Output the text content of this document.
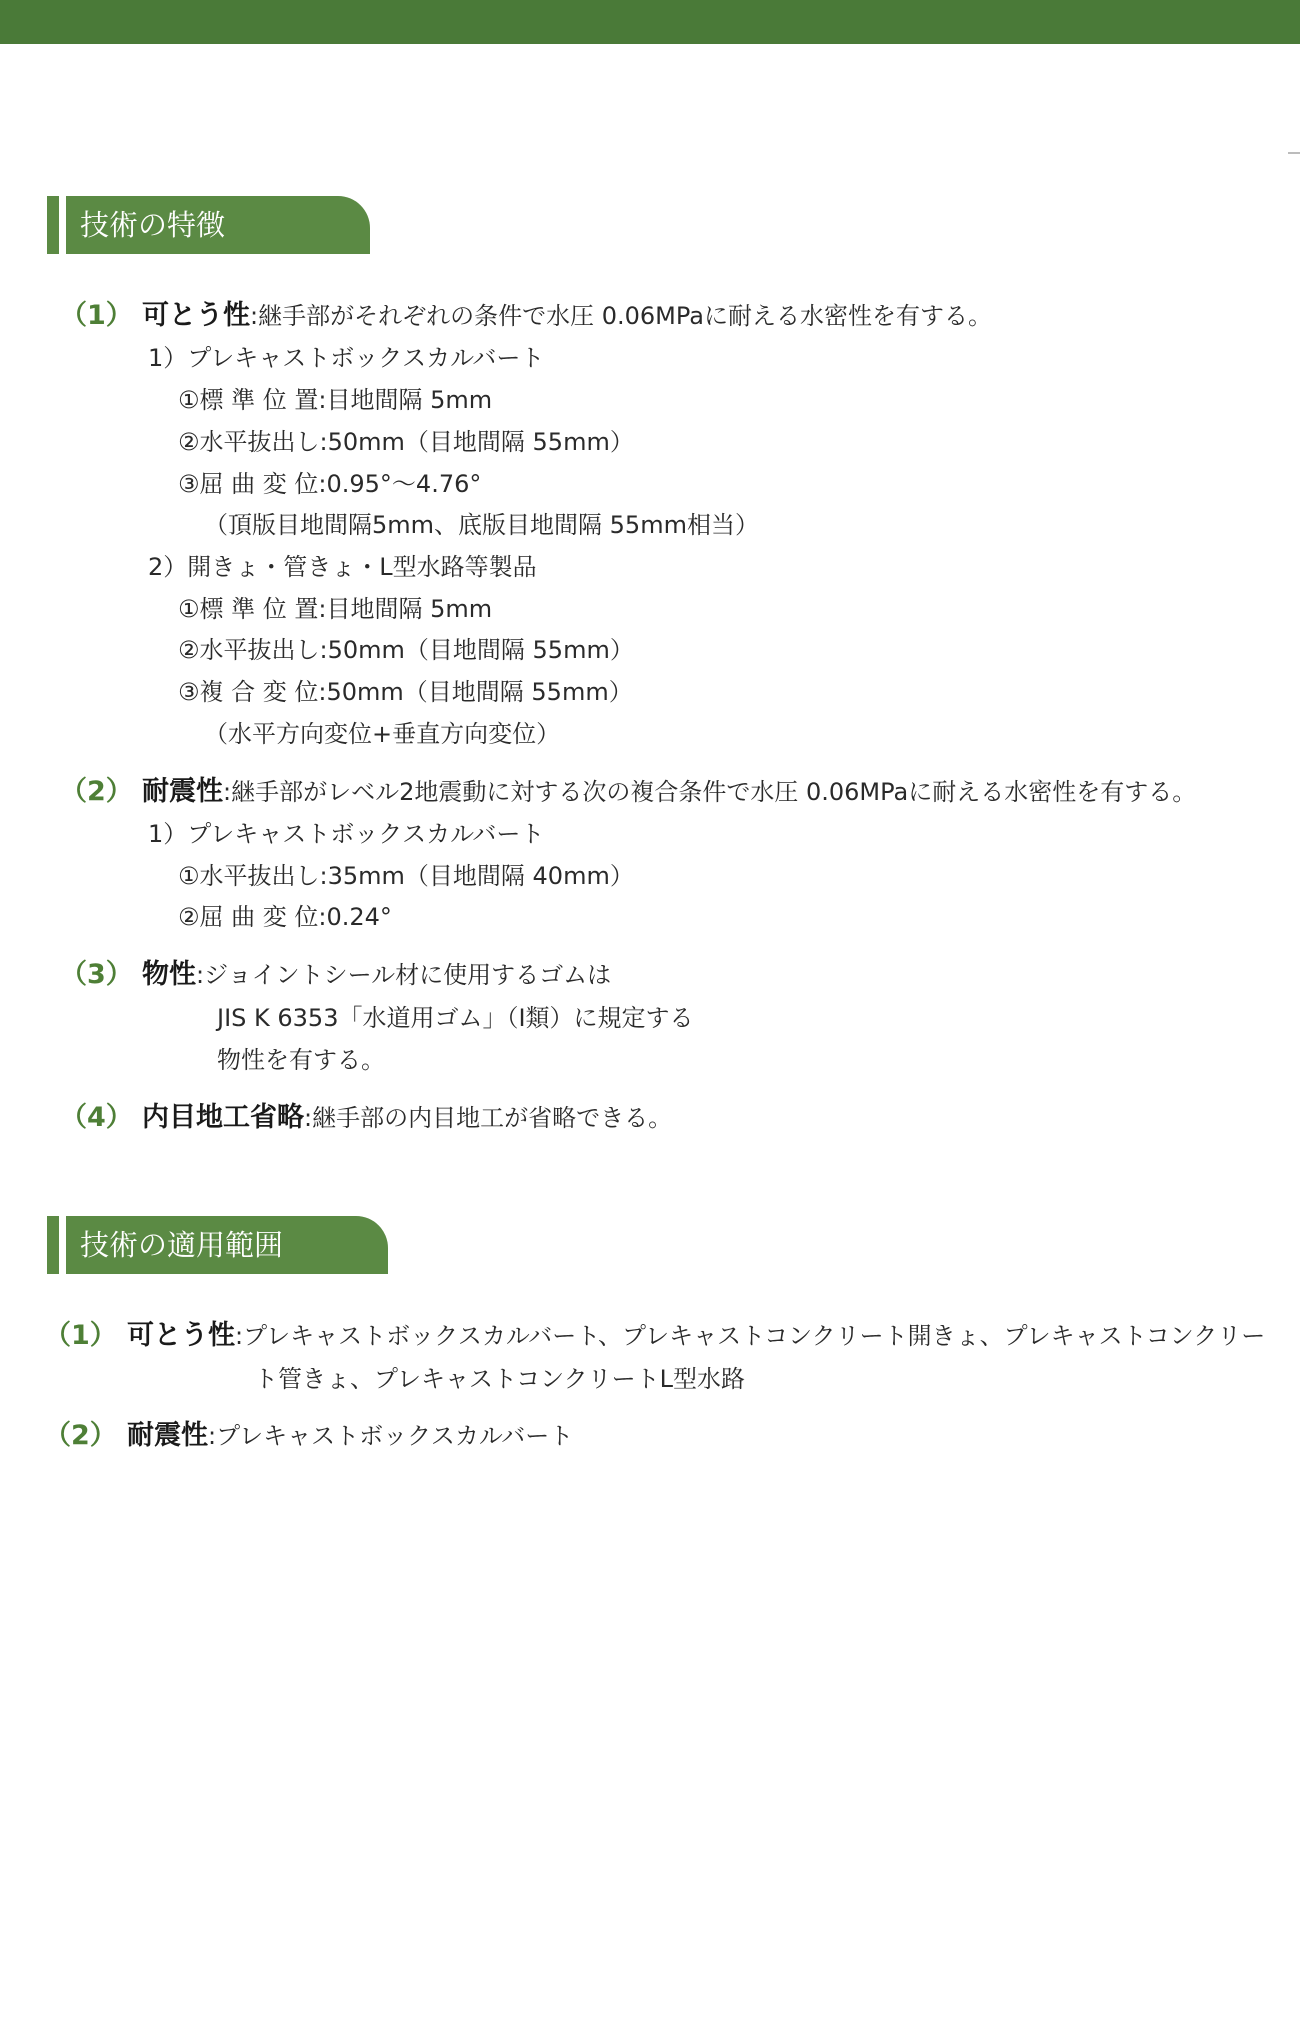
技術の特徴
（1） 可とう性:継手部がそれぞれの条件で水圧 0.06MPaに耐える水密性を有する。
1）プレキャストボックスカルバート
①標 準 位 置:目地間隔 5mm
②水平抜出し:50mm（目地間隔 55mm）
③屈 曲 変 位:0.95°～4.76°
（頂版目地間隔5mm、底版目地間隔 55mm相当）
2）開きょ・管きょ・L型水路等製品
①標 準 位 置:目地間隔 5mm
②水平抜出し:50mm（目地間隔 55mm）
③複 合 変 位:50mm（目地間隔 55mm）
（水平方向変位+垂直方向変位）
（2） 耐震性:継手部がレベル2地震動に対する次の複合条件で水圧 0.06MPaに耐える水密性を有する。
1）プレキャストボックスカルバート
①水平抜出し:35mm（目地間隔 40mm）
②屈 曲 変 位:0.24°
（3） 物性:ジョイントシール材に使用するゴムは
JIS K 6353「水道用ゴム」（Ⅰ類）に規定する
物性を有する。
（4） 内目地工省略:継手部の内目地工が省略できる。
技術の適用範囲
（1） 可とう性:プレキャストボックスカルバート、プレキャストコンクリート開きょ、プレキャストコンクリー
ト管きょ、プレキャストコンクリートL型水路
（2） 耐震性:プレキャストボックスカルバート
